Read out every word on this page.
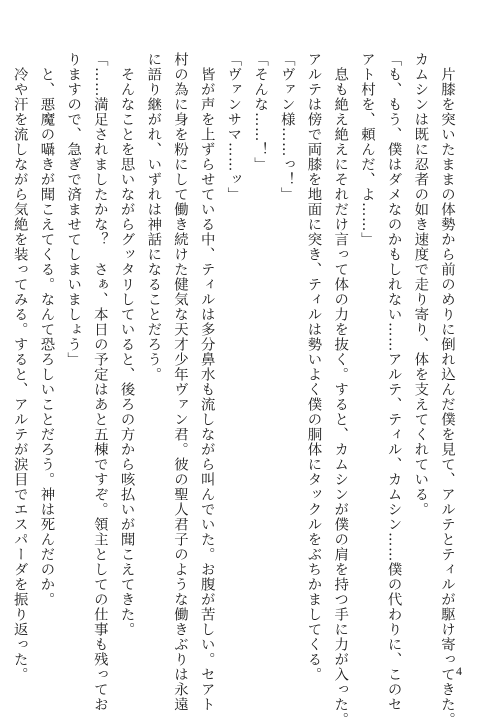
　片膝を突いたままの体勢から前のめりに倒れ込んだ僕を見て、アルテとティルが駆け寄ってきた。
カムシンは既に忍者の如き速度で走り寄り、体を支えてくれている。
「も、もう、僕はダメなのかもしれない……アルテ、ティル、カムシン……僕の代わりに、このセ
アト村を、頼んだ、よ……」
　息も絶え絶えにそれだけ言って体の力を抜く。すると、カムシンが僕の肩を持つ手に力が入った。
アルテは傍で両膝を地面に突き、ティルは勢いよく僕の胴体にタックルをぶちかましてくる。
「ヴァン様……っ！」
「そんな……！」
「ヴァンサマ……ッ」
　皆が声を上ずらせている中、ティルは多分鼻水も流しながら叫んでいた。お腹が苦しい。セアト
村の為に身を粉にして働き続けた健気な天才少年ヴァン君。彼の聖人君子のような働きぶりは永遠
に語り継がれ、いずれは神話になることだろう。
　そんなことを思いながらグッタリしていると、後ろの方から咳払いが聞こえてきた。
「……満足されましたかな？　さぁ、本日の予定はあと五棟ですぞ。領主としての仕事も残ってお
りますので、急ぎで済ませてしまいましょう」
　と、悪魔の囁きが聞こえてくる。なんて恐ろしいことだろう。神は死んだのか。
　冷や汗を流しながら気絶を装ってみる。すると、アルテが涙目でエスパーダを振り返った。	4
